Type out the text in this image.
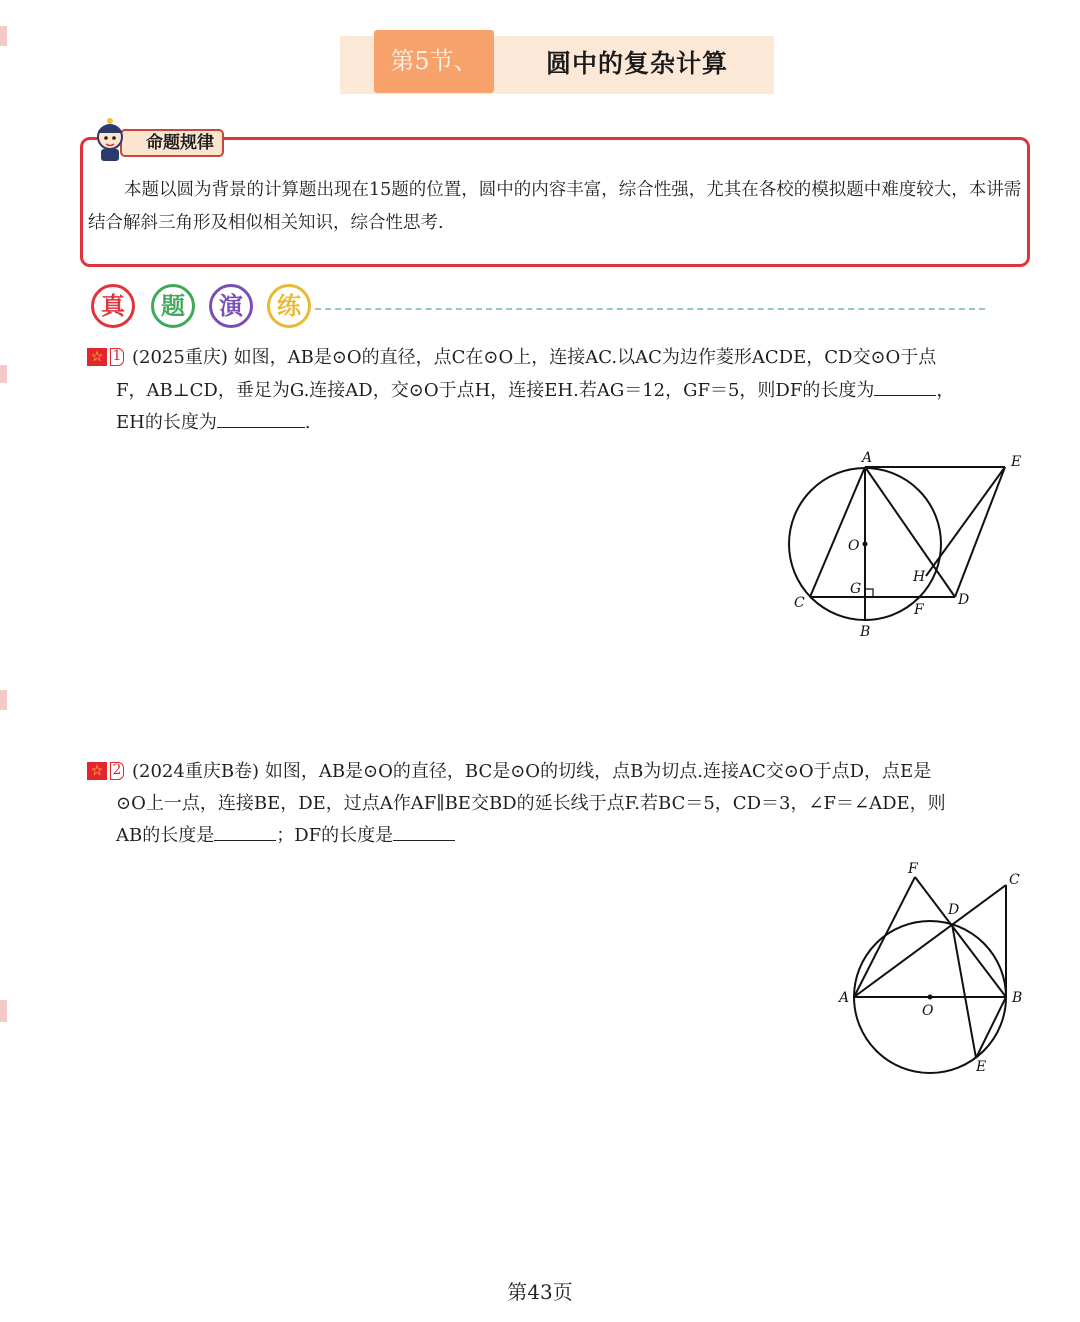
第5节、	圆中的复杂计算
命题规律
本题以圆为背景的计算题出现在15题的位置，圆中的内容丰富，综合性强，尤其在各校的模拟题中难度较大，本讲需结合解斜三角形及相似相关知识，综合性思考.
真	题	演	练
☆ 1 (2025重庆) 如图，AB是⊙O的直径，点C在⊙O上，连接AC.以AC为边作菱形ACDE，CD交⊙O于点
F，AB⊥CD，垂足为G.连接AD，交⊙O于点H，连接EH.若AG＝12，GF＝5，则DF的长度为	，
EH的长度为	.
A	E
O
H
G
C	D
F
B
☆ 2 (2024重庆B卷) 如图，AB是⊙O的直径，BC是⊙O的切线，点B为切点.连接AC交⊙O于点D，点E是
⊙O上一点，连接BE，DE，过点A作AF∥BE交BD的延长线于点F.若BC＝5，CD＝3，∠F＝∠ADE，则
AB的长度是	；DF的长度是
F
C
D
A
O
B
E
第43页
